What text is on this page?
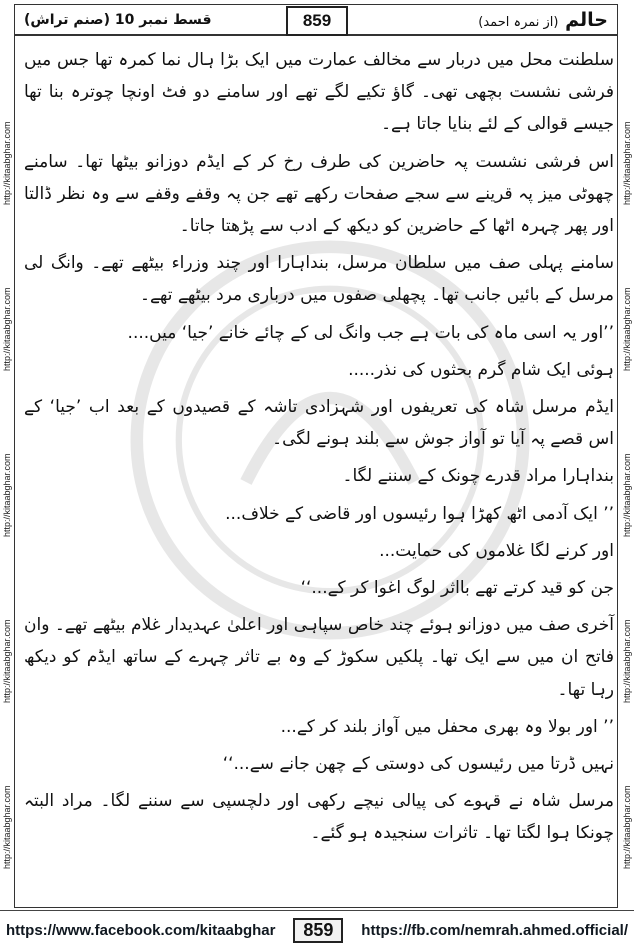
قسط نمبر 10 (صنم تراش)	حالم (از نمرہ احمد)
859
http://kitaabghar.com
http://kitaabghar.com
http://kitaabghar.com
http://kitaabghar.com
http://kitaabghar.com
http://kitaabghar.com
http://kitaabghar.com
http://kitaabghar.com
http://kitaabghar.com
http://kitaabghar.com

سلطنت محل میں دربار سے مخالف عمارت میں ایک بڑا ہال نما کمرہ تھا جس میں فرشی نشست بچھی تھی۔ گاؤ تکیے لگے تھے اور سامنے دو فٹ اونچا چوترہ بنا تھا جیسے قوالی کے لئے بنایا جاتا ہے۔

اس فرشی نشست پہ حاضرین کی طرف رخ کر کے ایڈم دوزانو بیٹھا تھا۔ سامنے چھوٹی میز پہ قرینے سے سجے صفحات رکھے تھے جن پہ وقفے وقفے سے وہ نظر ڈالتا اور پھر چہرہ اٹھا کے حاضرین کو دیکھ کے ادب سے پڑھتا جاتا۔

سامنے پہلی صف میں سلطان مرسل، بنداہارا اور چند وزراء بیٹھے تھے۔ وانگ لی مرسل کے بائیں جانب تھا۔ پچھلی صفوں میں درباری مرد بیٹھے تھے۔

’’اور یہ اسی ماہ کی بات ہے جب وانگ لی کے چائے خانے ’جیا‘ میں....

ہوئی ایک شام گرم بحثوں کی نذر.....

ایڈم مرسل شاہ کی تعریفوں اور شہزادی تاشہ کے قصیدوں کے بعد اب ’جیا‘ کے اس قصے پہ آیا تو آواز جوش سے بلند ہونے لگی۔

بنداہارا مراد قدرے چونک کے سننے لگا۔

’’ ایک آدمی اٹھ کھڑا ہوا رئیسوں اور قاضی کے خلاف...

اور کرنے لگا غلاموں کی حمایت...

جن کو قید کرتے تھے بااثر لوگ اغوا کر کے...‘‘

آخری صف میں دوزانو ہوئے چند خاص سپاہی اور اعلیٰ عہدیدار غلام بیٹھے تھے۔ وان فاتح ان میں سے ایک تھا۔ پلکیں سکوڑ کے وہ بے تاثر چہرے کے ساتھ ایڈم کو دیکھ رہا تھا۔

’’ اور بولا وہ بھری محفل میں آواز بلند کر کے...

نہیں ڈرتا میں رئیسوں کی دوستی کے چھن جانے سے...‘‘

مرسل شاہ نے قہوے کی پیالی نیچے رکھی اور دلچسپی سے سننے لگا۔ مراد البتہ چونکا ہوا لگتا تھا۔ تاثرات سنجیدہ ہو گئے۔

https://www.facebook.com/kitaabghar	859	https://fb.com/nemrah.ahmed.official/
